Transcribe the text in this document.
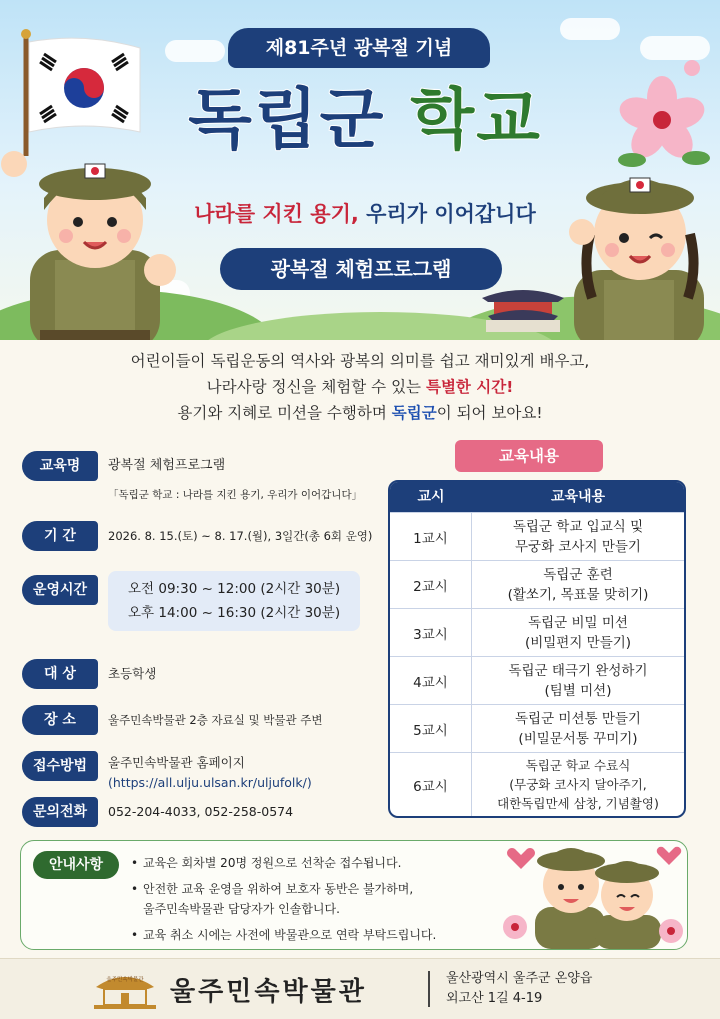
제81주년 광복절 기념
독립군 학교
나라를 지킨 용기, 우리가 이어갑니다
광복절 체험프로그램
어린이들이 독립운동의 역사와 광복의 의미를 쉽고 재미있게 배우고,
나라사랑 정신을 체험할 수 있는 특별한 시간!
용기와 지혜로 미션을 수행하며 독립군이 되어 보아요!
교육명	광복절 체험프로그램
「독립군 학교 : 나라를 지킨 용기, 우리가 이어갑니다」
기 간	2026. 8. 15.(토) ~ 8. 17.(월), 3일간(총 6회 운영)
운영시간	오전 09:30 ~ 12:00 (2시간 30분)
오후 14:00 ~ 16:30 (2시간 30분)
대 상	초등학생
장 소	울주민속박물관 2층 자료실 및 박물관 주변
접수방법	울주민속박물관 홈페이지
(https://all.ulju.ulsan.kr/uljufolk/)
문의전화	052-204-4033, 052-258-0574
교육내용
교시	교육내용
1교시
독립군 학교 입교식 및
무궁화 코사지 만들기
2교시
독립군 훈련
(활쏘기, 목표물 맞히기)
3교시
독립군 비밀 미션
(비밀편지 만들기)
4교시
독립군 태극기 완성하기
(팀별 미션)
5교시
독립군 미션통 만들기
(비밀문서통 꾸미기)
6교시
독립군 학교 수료식
(무궁화 코사지 달아주기,
대한독립만세 삼창, 기념촬영)
안내사항
•	교육은 회차별 20명 정원으로 선착순 접수됩니다.
• 안전한 교육 운영을 위하여 보호자 동반은 불가하며,
울주민속박물관 담당자가 인솔합니다.
• 교육 취소 시에는 사전에 박물관으로 연락 부탁드립니다.
울주민속박물관 울주민속박물관	울산광역시 울주군 온양읍
외고산 1길 4-19
